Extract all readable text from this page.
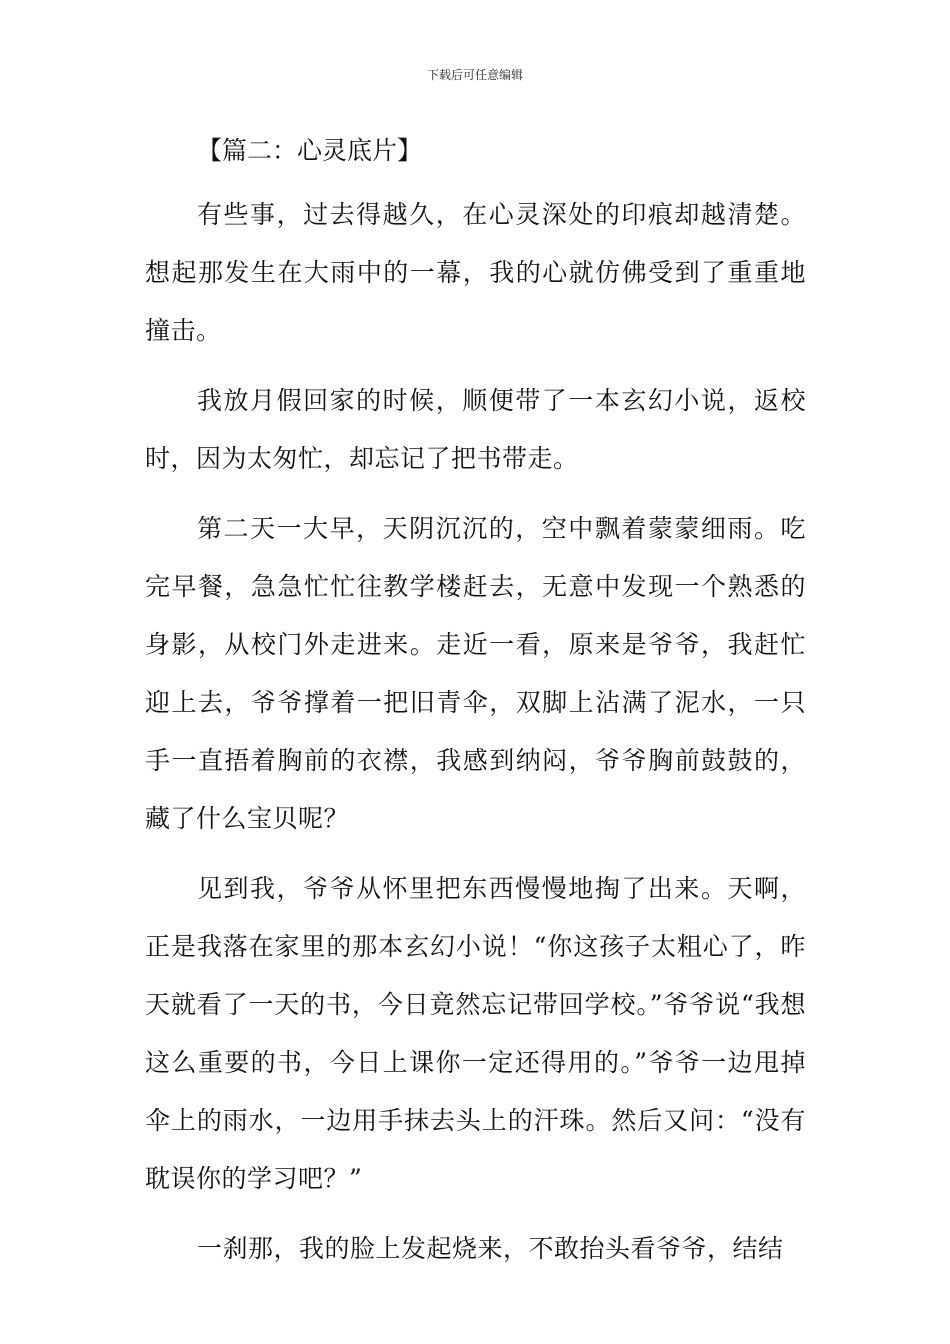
下载后可任意编辑
【篇二：心灵底片】

有些事，过去得越久，在心灵深处的印痕却越清楚。想起那发生在大雨中的一幕，我的心就仿佛受到了重重地撞击。

我放月假回家的时候，顺便带了一本玄幻小说，返校时，因为太匆忙，却忘记了把书带走。

第二天一大早，天阴沉沉的，空中飘着蒙蒙细雨。吃完早餐，急急忙忙往教学楼赶去，无意中发现一个熟悉的身影，从校门外走进来。走近一看，原来是爷爷，我赶忙迎上去，爷爷撑着一把旧青伞，双脚上沾满了泥水，一只手一直捂着胸前的衣襟，我感到纳闷，爷爷胸前鼓鼓的，藏了什么宝贝呢？

见到我，爷爷从怀里把东西慢慢地掏了出来。天啊，正是我落在家里的那本玄幻小说！“你这孩子太粗心了，昨天就看了一天的书，今日竟然忘记带回学校。”爷爷说“我想这么重要的书，今日上课你一定还得用的。”爷爷一边甩掉伞上的雨水，一边用手抹去头上的汗珠。然后又问：“没有耽误你的学习吧？”

一刹那，我的脸上发起烧来，不敢抬头看爷爷，结结
